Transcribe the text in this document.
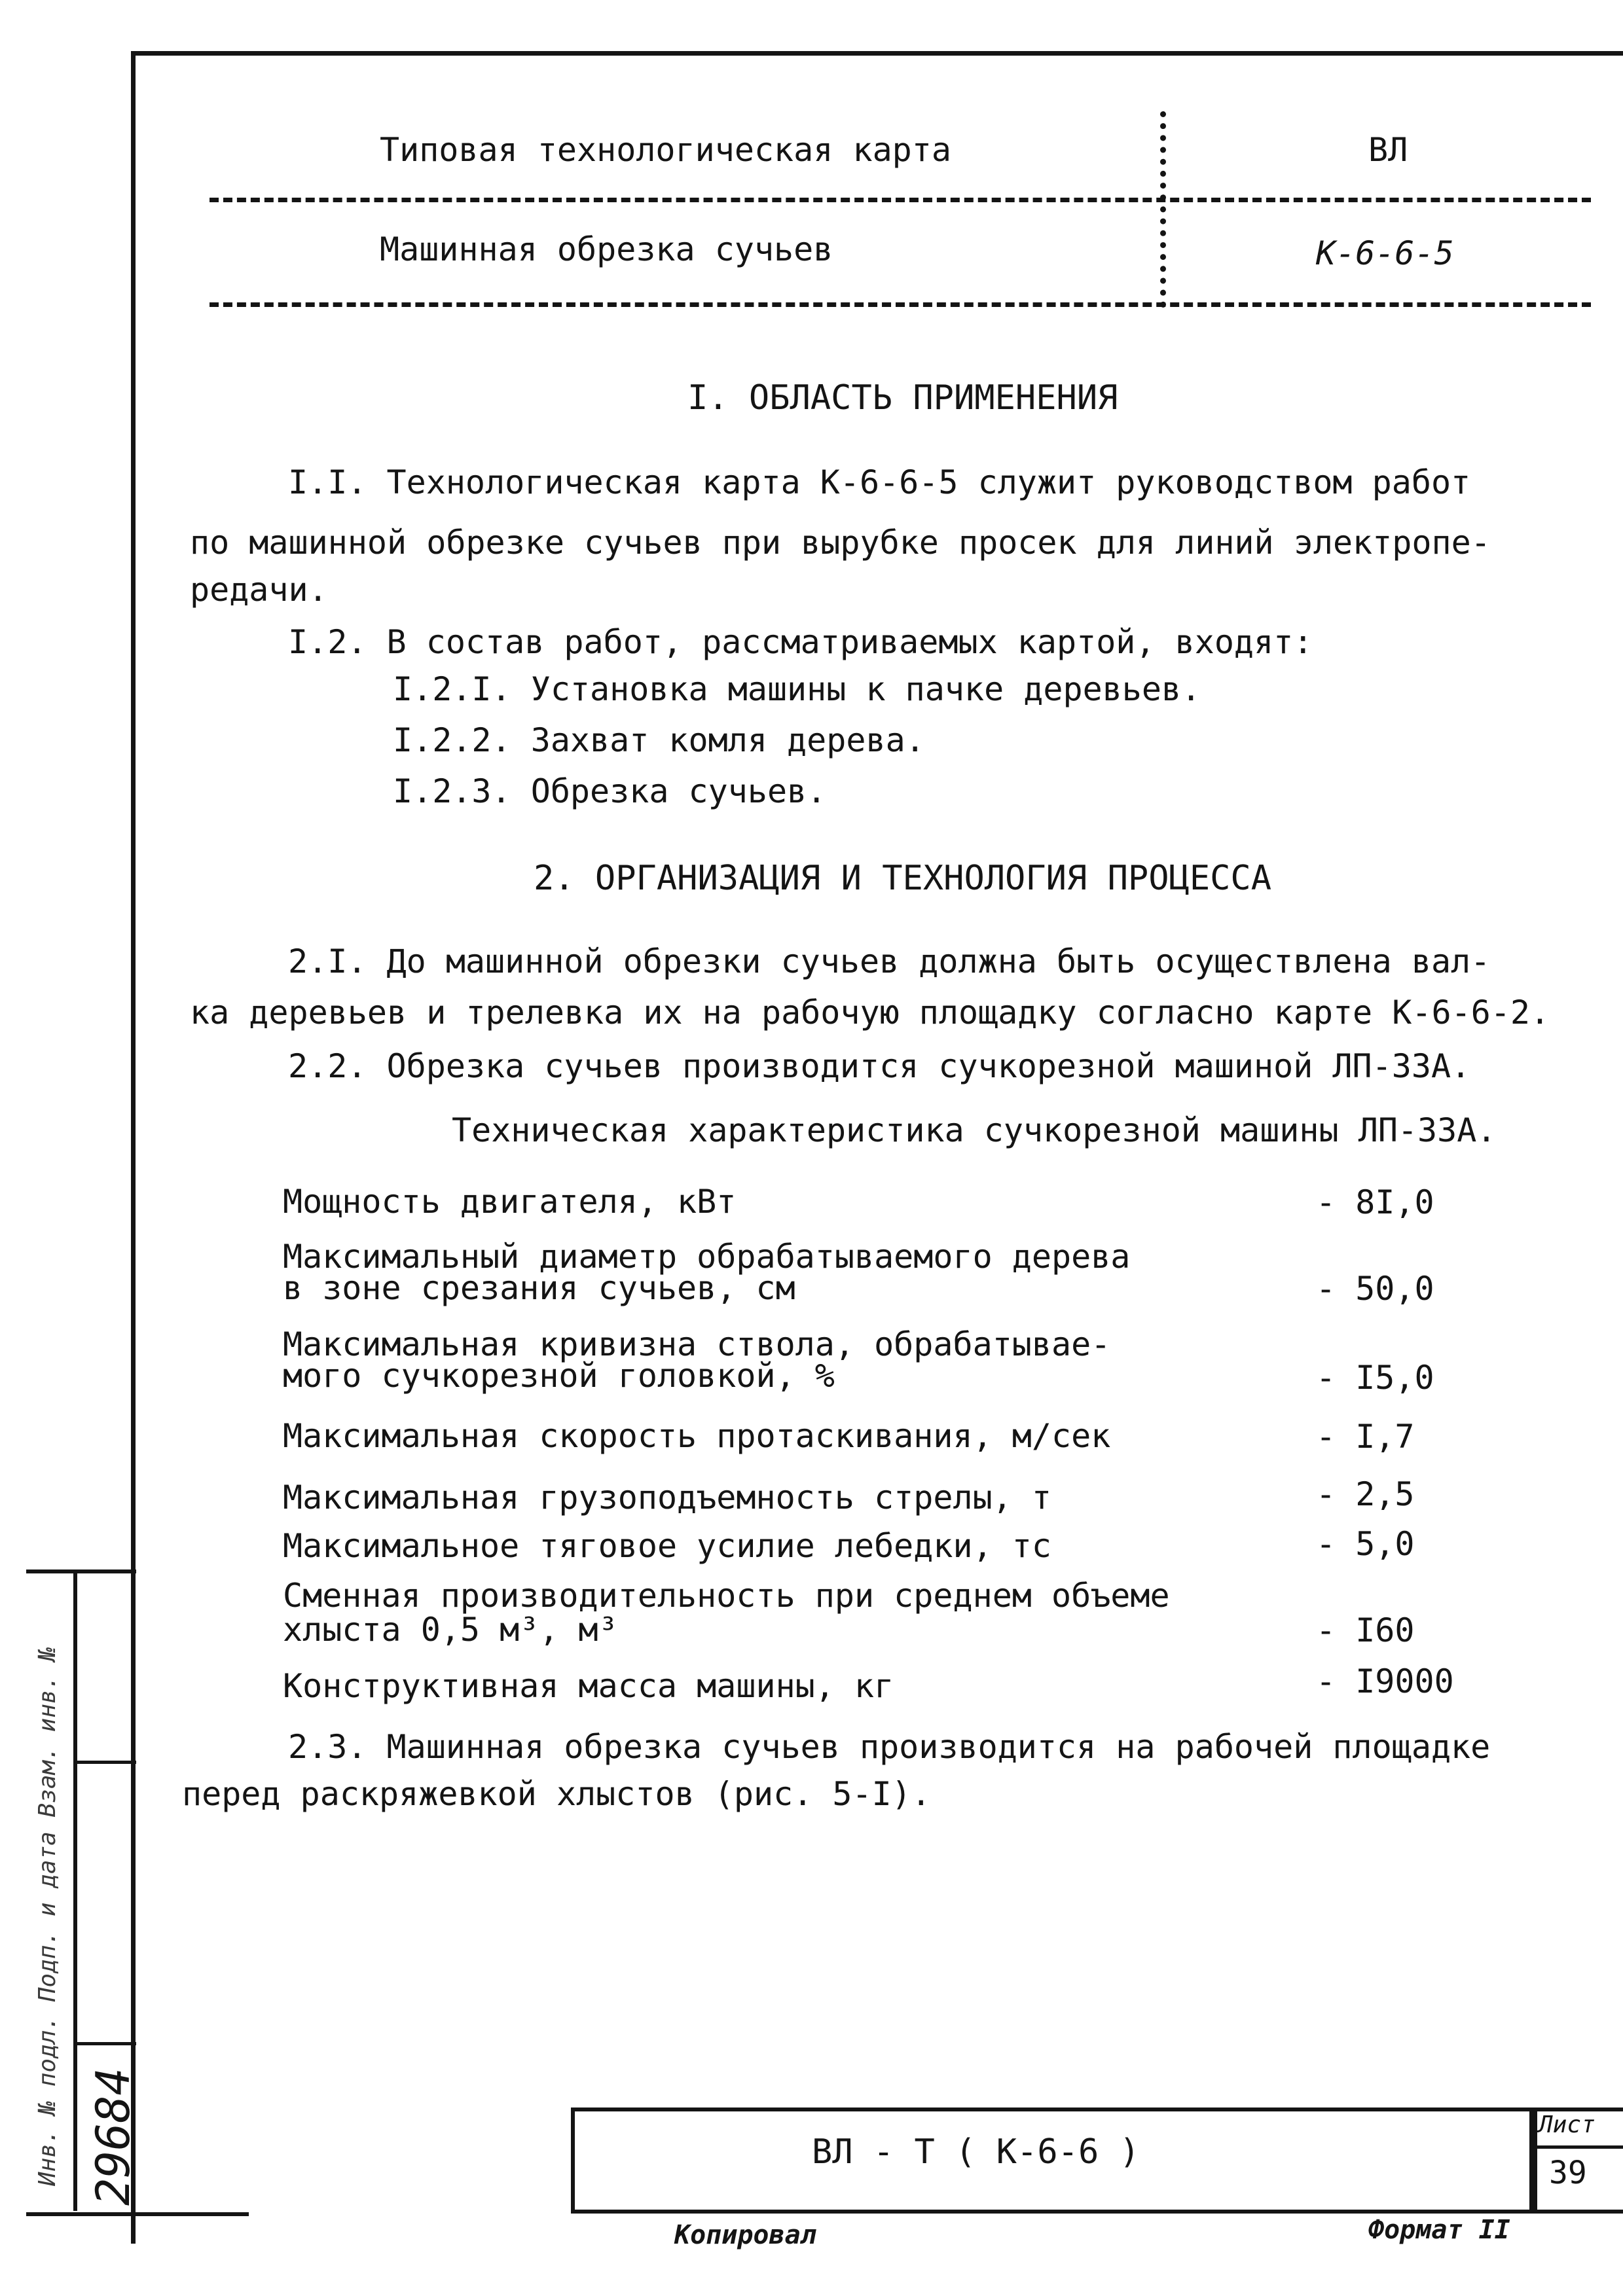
Типовая технологическая карта	ВЛ
Машинная обрезка сучьев	К-6-6-5
I. ОБЛАСТЬ ПРИМЕНЕНИЯ
I.I. Технологическая карта К-6-6-5 служит руководством работ
по машинной обрезке сучьев при вырубке просек для линий электропе-
редачи.
I.2. В состав работ, рассматриваемых картой, входят:
I.2.I. Установка машины к пачке деревьев.
I.2.2. Захват комля дерева.
I.2.3. Обрезка сучьев.
2. ОРГАНИЗАЦИЯ И ТЕХНОЛОГИЯ ПРОЦЕССА
2.I. До машинной обрезки сучьев должна быть осуществлена вал-
ка деревьев и трелевка их на рабочую площадку согласно карте К-6-6-2.
2.2. Обрезка сучьев производится сучкорезной машиной ЛП-33А.
Техническая характеристика сучкорезной машины ЛП-33А.
Мощность двигателя, кВт	- 8I,0
Максимальный диаметр обрабатываемого дерева
в зоне срезания сучьев, см	- 50,0
Максимальная кривизна ствола, обрабатывае-
мого сучкорезной головкой, %	- I5,0
Максимальная скорость протаскивания, м/сек	- I,7
Максимальная грузоподъемность стрелы, т	- 2,5
Максимальное тяговое усилие лебедки, тс	- 5,0
Сменная производительность при среднем объеме
хлыста 0,5 м³, м³	- I60
Конструктивная масса машины, кг	- I9000
2.3. Машинная обрезка сучьев производится на рабочей площадке
перед раскряжевкой хлыстов (рис. 5-I).
Инв. № подл. Подп. и дата Взам. инв. № 29684	ВЛ - Т ( К-6-6 )
Лист
39
Копировал	Формат II
